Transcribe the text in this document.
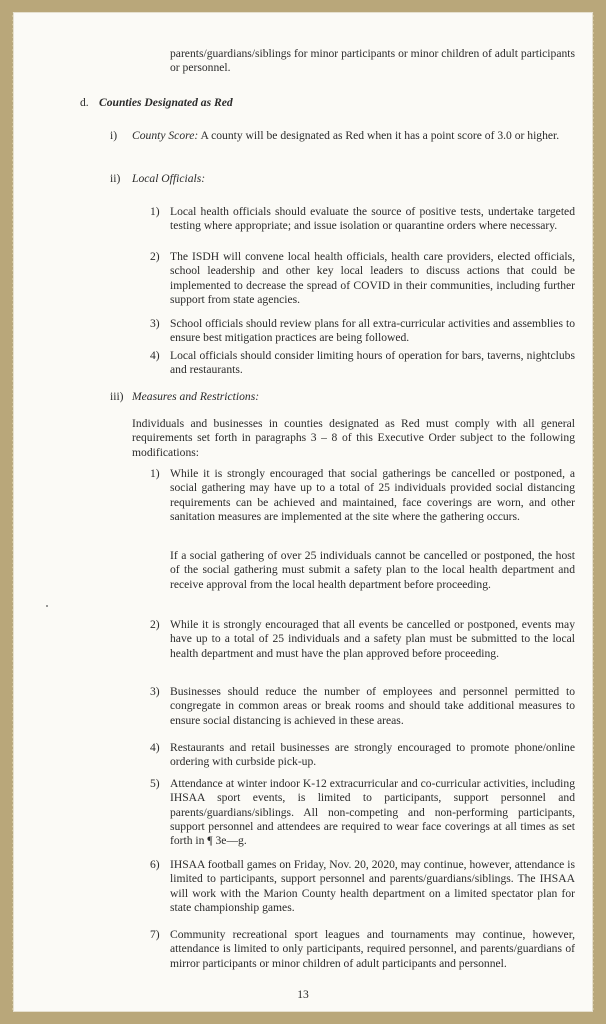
parents/guardians/siblings for minor participants or minor children of adult participants or personnel.

d. Counties Designated as Red
i) County Score: A county will be designated as Red when it has a point score of 3.0 or higher.

ii) Local Officials:
1) Local health officials should evaluate the source of positive tests, undertake targeted testing where appropriate; and issue isolation or quarantine orders where necessary.

2) The ISDH will convene local health officials, health care providers, elected officials, school leadership and other key local leaders to discuss actions that could be implemented to decrease the spread of COVID in their communities, including further support from state agencies.

3) School officials should review plans for all extra-curricular activities and assemblies to ensure best mitigation practices are being followed.

4) Local officials should consider limiting hours of operation for bars, taverns, nightclubs and restaurants.

iii) Measures and Restrictions:

Individuals and businesses in counties designated as Red must comply with all general requirements set forth in paragraphs 3 – 8 of this Executive Order subject to the following modifications:

1) While it is strongly encouraged that social gatherings be cancelled or postponed, a social gathering may have up to a total of 25 individuals provided social distancing requirements can be achieved and maintained, face coverings are worn, and other sanitation measures are implemented at the site where the gathering occurs.

If a social gathering of over 25 individuals cannot be cancelled or postponed, the host of the social gathering must submit a safety plan to the local health department and receive approval from the local health department before proceeding.

2) While it is strongly encouraged that all events be cancelled or postponed, events may have up to a total of 25 individuals and a safety plan must be submitted to the local health department and must have the plan approved before proceeding.

3) Businesses should reduce the number of employees and personnel permitted to congregate in common areas or break rooms and should take additional measures to ensure social distancing is achieved in these areas.

4) Restaurants and retail businesses are strongly encouraged to promote phone/online ordering with curbside pick-up.

5) Attendance at winter indoor K-12 extracurricular and co-curricular activities, including IHSAA sport events, is limited to participants, support personnel and parents/guardians/siblings. All non-competing and non-performing participants, support personnel and attendees are required to wear face coverings at all times as set forth in ¶ 3e—g.

6) IHSAA football games on Friday, Nov. 20, 2020, may continue, however, attendance is limited to participants, support personnel and parents/guardians/siblings. The IHSAA will work with the Marion County health department on a limited spectator plan for state championship games.

7) Community recreational sport leagues and tournaments may continue, however, attendance is limited to only participants, required personnel, and parents/guardians of mirror participants or minor children of adult participants and personnel.

13
